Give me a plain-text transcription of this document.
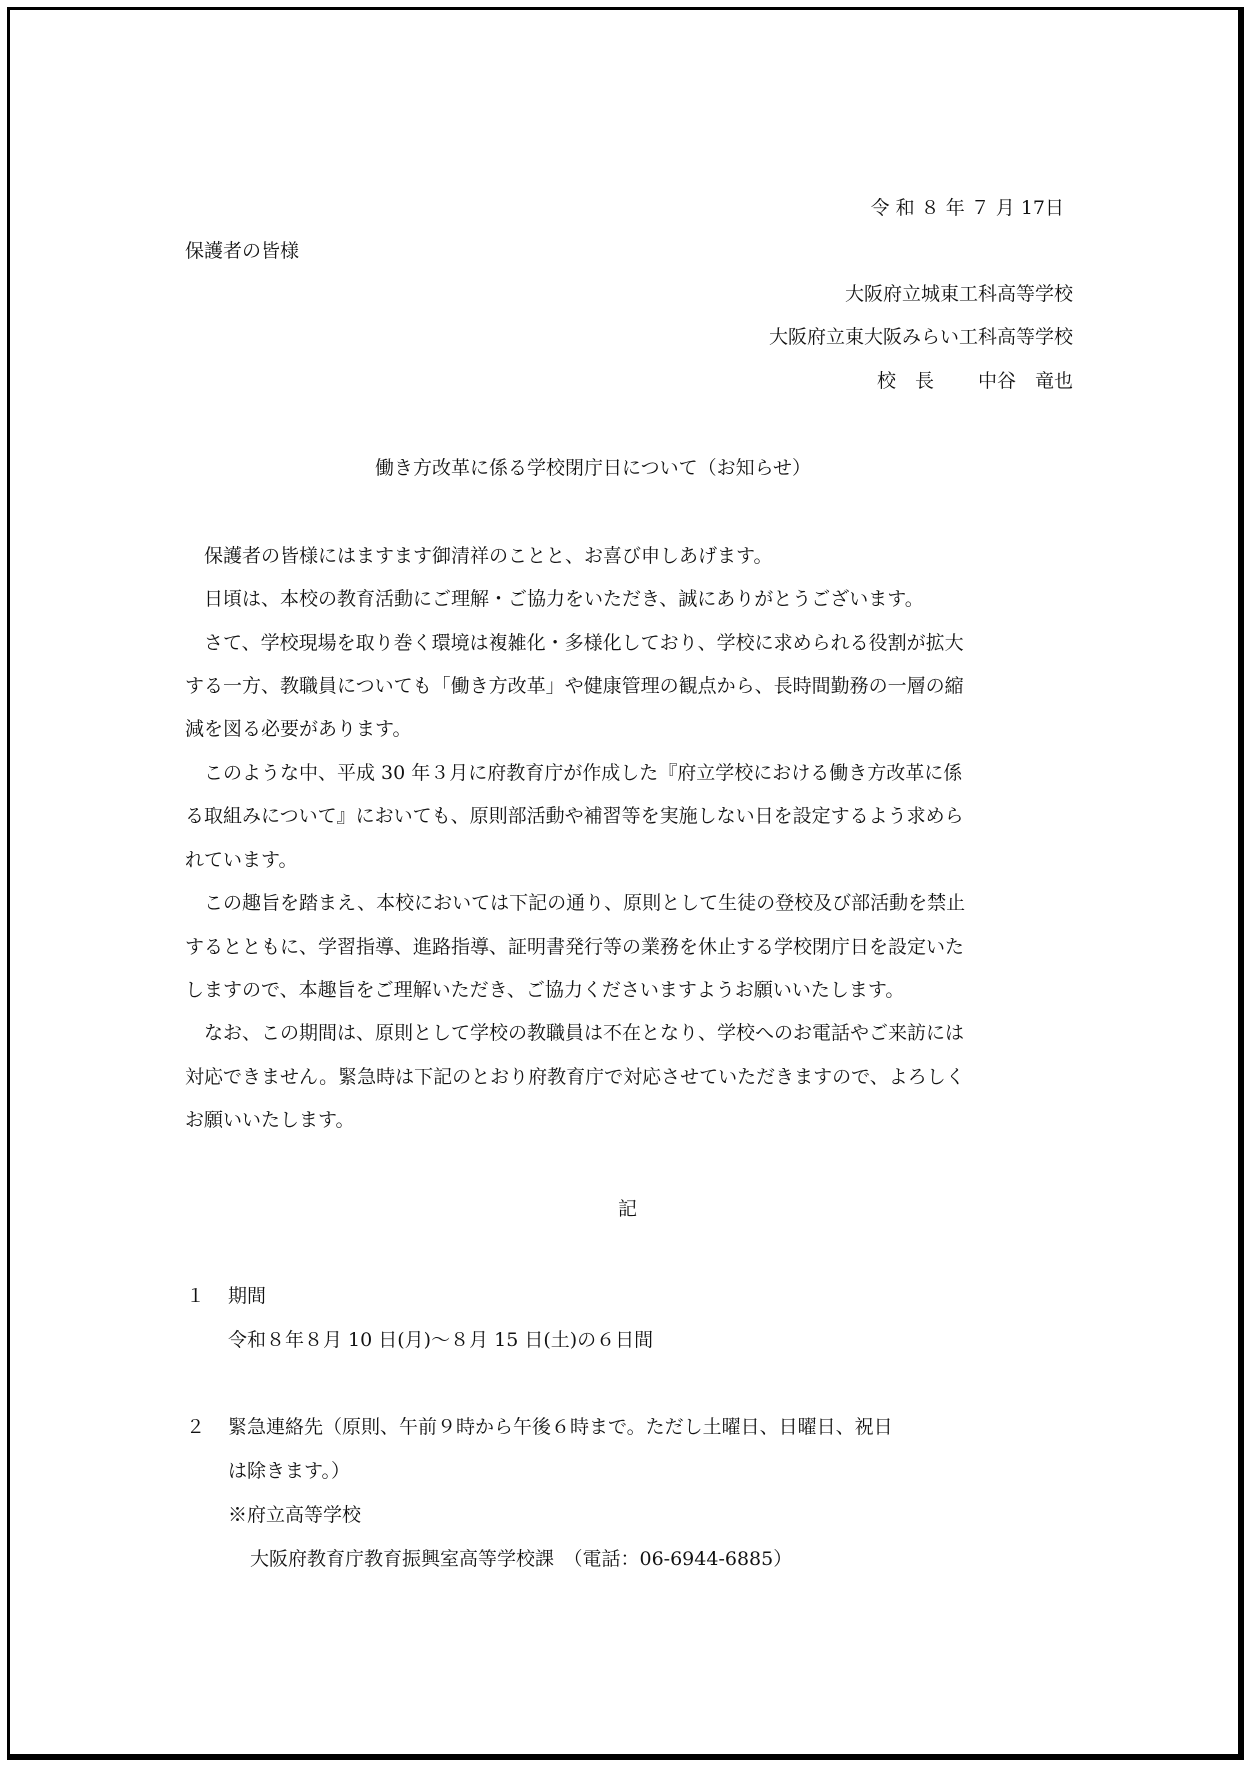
令 和 ８ 年 ７ 月 17日
保護者の皆様
大阪府立城東工科高等学校
大阪府立東大阪みらい工科高等学校
校　長　　 中谷　竜也
働き方改革に係る学校閉庁日について（お知らせ）
　保護者の皆様にはますます御清祥のことと、お喜び申しあげます。
　日頃は、本校の教育活動にご理解・ご協力をいただき、誠にありがとうございます。
　さて、学校現場を取り巻く環境は複雑化・多様化しており、学校に求められる役割が拡大
する一方、教職員についても「働き方改革」や健康管理の観点から、長時間勤務の一層の縮
減を図る必要があります。
　このような中、平成 30 年３月に府教育庁が作成した『府立学校における働き方改革に係
る取組みについて』においても、原則部活動や補習等を実施しない日を設定するよう求めら
れています。
　この趣旨を踏まえ、本校においては下記の通り、原則として生徒の登校及び部活動を禁止
するとともに、学習指導、進路指導、証明書発行等の業務を休止する学校閉庁日を設定いた
しますので、本趣旨をご理解いただき、ご協力くださいますようお願いいたします。
　なお、この期間は、原則として学校の教職員は不在となり、学校へのお電話やご来訪には
対応できません。緊急時は下記のとおり府教育庁で対応させていただきますので、よろしく
お願いいたします。
記
１ 期間
令和８年８月 10 日(月)～８月 15 日(土)の６日間
２ 緊急連絡先（原則、午前９時から午後６時まで。ただし土曜日、日曜日、祝日
は除きます。）
※府立高等学校
大阪府教育庁教育振興室高等学校課　（電話：06-6944-6885）
